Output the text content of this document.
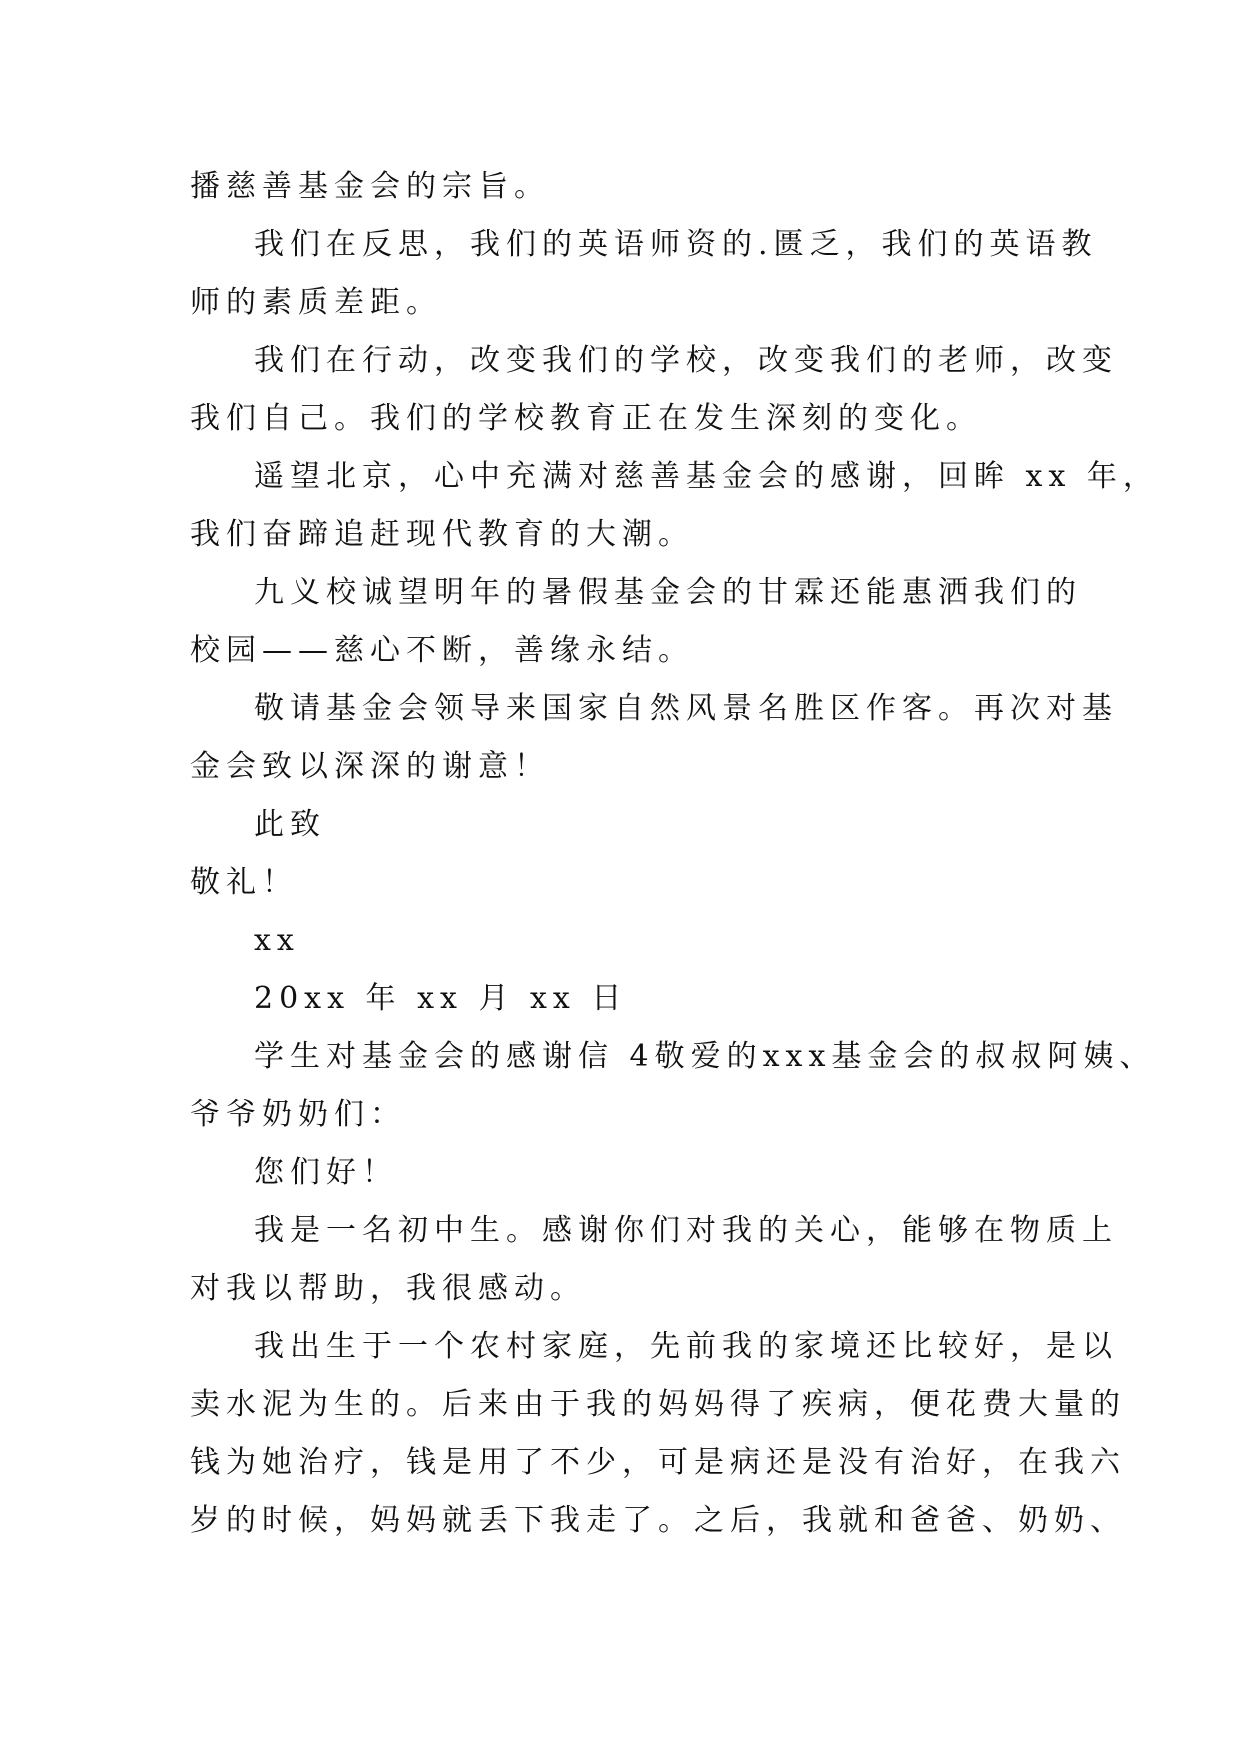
播慈善基金会的宗旨。
我们在反思，我们的英语师资的.匮乏，我们的英语教
师的素质差距。
我们在行动，改变我们的学校，改变我们的老师，改变
我们自己。我们的学校教育正在发生深刻的变化。
遥望北京，心中充满对慈善基金会的感谢，回眸 xx 年，
我们奋蹄追赶现代教育的大潮。
九义校诚望明年的暑假基金会的甘霖还能惠洒我们的
校园——慈心不断，善缘永结。
敬请基金会领导来国家自然风景名胜区作客。再次对基
金会致以深深的谢意！
此致
敬礼！
xx
20xx 年 xx 月 xx 日
学生对基金会的感谢信 4敬爱的xxx基金会的叔叔阿姨、
爷爷奶奶们：
您们好！
我是一名初中生。感谢你们对我的关心，能够在物质上
对我以帮助，我很感动。
我出生于一个农村家庭，先前我的家境还比较好，是以
卖水泥为生的。后来由于我的妈妈得了疾病，便花费大量的
钱为她治疗，钱是用了不少，可是病还是没有治好，在我六
岁的时候，妈妈就丢下我走了。之后，我就和爸爸、奶奶、
